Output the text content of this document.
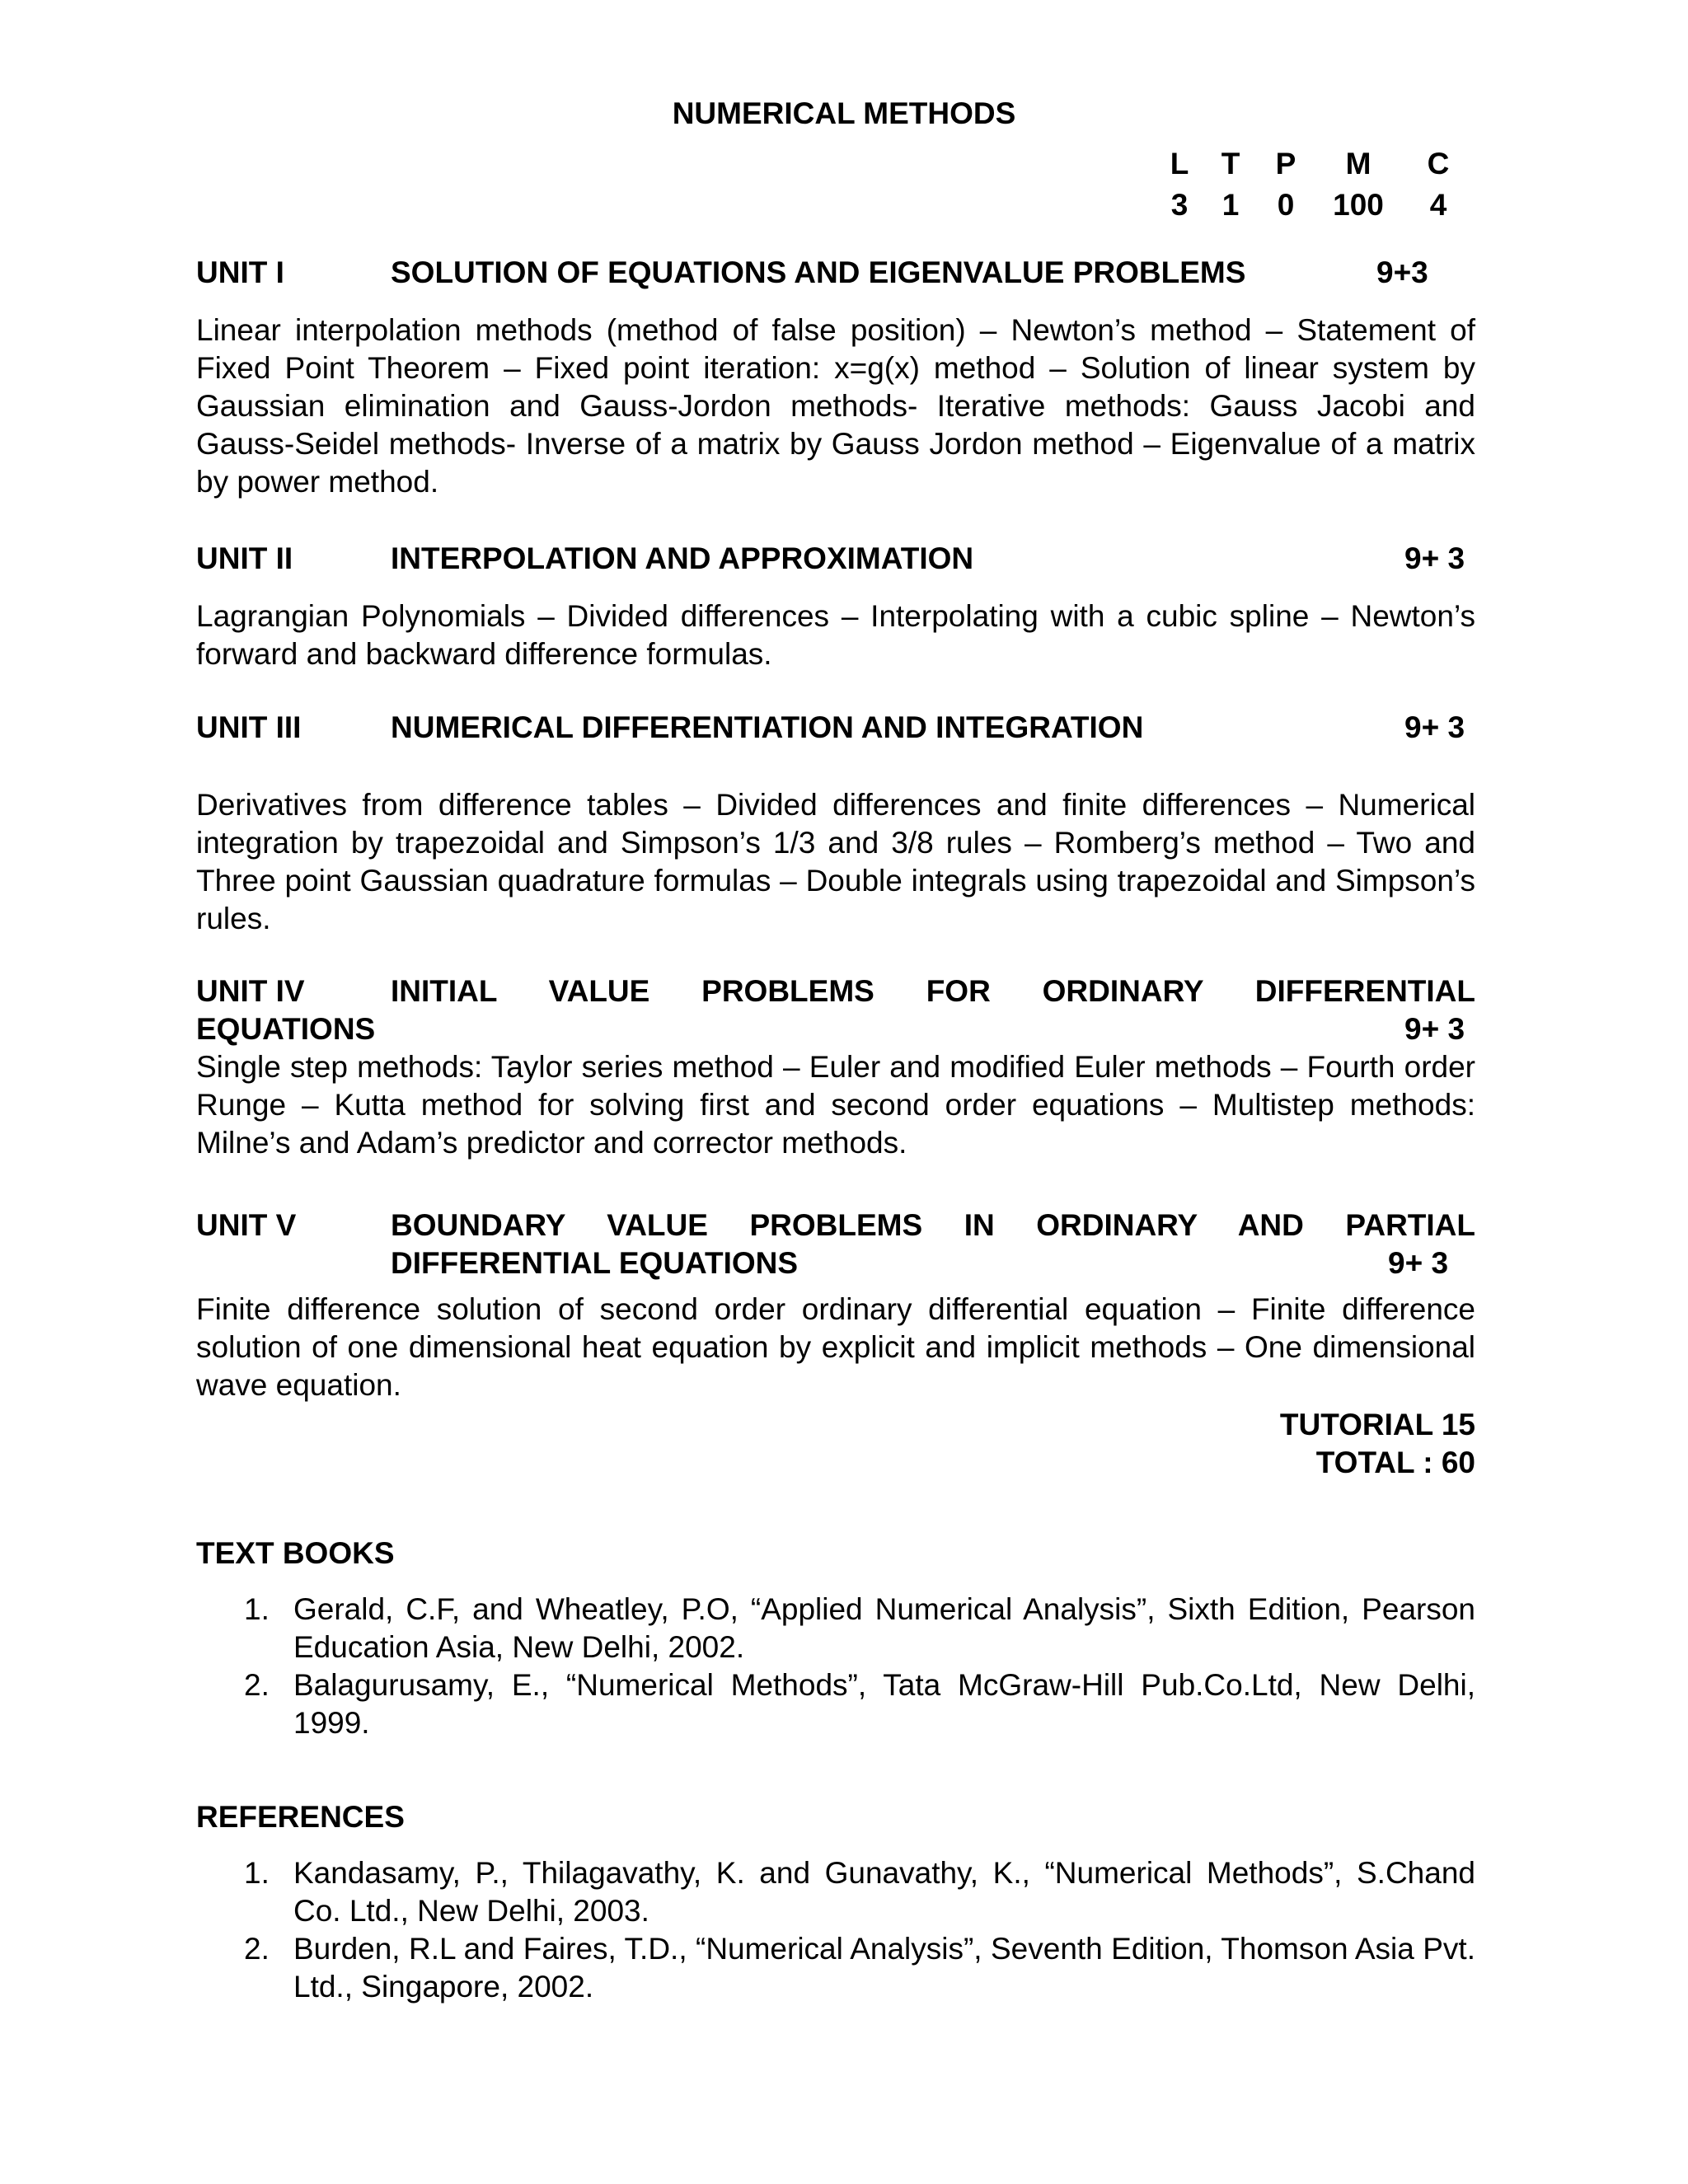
NUMERICAL METHODS
L	T	P	M	C
3	1	0	100	4
UNIT I	SOLUTION OF EQUATIONS AND EIGENVALUE PROBLEMS	9+3

Linear interpolation methods (method of false position) – Newton’s method – Statement of Fixed Point Theorem – Fixed point iteration: x=g(x) method – Solution of linear system by Gaussian elimination and Gauss-Jordon methods- Iterative methods: Gauss Jacobi and Gauss-Seidel methods- Inverse of a matrix by Gauss Jordon method – Eigenvalue of a matrix by power method.

UNIT II	INTERPOLATION AND APPROXIMATION	9+ 3

Lagrangian Polynomials – Divided differences – Interpolating with a cubic spline – Newton’s forward and backward difference formulas.

UNIT III	NUMERICAL DIFFERENTIATION AND INTEGRATION	9+ 3

Derivatives from difference tables – Divided differences and finite differences – Numerical integration by trapezoidal and Simpson’s 1/3 and 3/8 rules – Romberg’s method – Two and Three point Gaussian quadrature formulas – Double integrals using trapezoidal and Simpson’s rules.

UNIT IV	INITIAL VALUE PROBLEMS FOR ORDINARY DIFFERENTIAL
EQUATIONS	9+ 3

Single step methods: Taylor series method – Euler and modified Euler methods – Fourth order Runge – Kutta method for solving first and second order equations – Multistep methods: Milne’s and Adam’s predictor and corrector methods.

UNIT V	BOUNDARY VALUE PROBLEMS IN ORDINARY AND PARTIAL
DIFFERENTIAL EQUATIONS	9+ 3

Finite difference solution of second order ordinary differential equation – Finite difference solution of one dimensional heat equation by explicit and implicit methods – One dimensional wave equation.

TUTORIAL 15
TOTAL : 60
TEXT BOOKS
1. Gerald, C.F, and Wheatley, P.O, “Applied Numerical Analysis”, Sixth Edition, Pearson Education Asia, New Delhi, 2002.
2. Balagurusamy, E., “Numerical Methods”, Tata McGraw-Hill Pub.Co.Ltd, New Delhi, 1999.
REFERENCES
1. Kandasamy, P., Thilagavathy, K. and Gunavathy, K., “Numerical Methods”, S.Chand Co. Ltd., New Delhi, 2003.
2. Burden, R.L and Faires, T.D., “Numerical Analysis”, Seventh Edition, Thomson Asia Pvt. Ltd., Singapore, 2002.
